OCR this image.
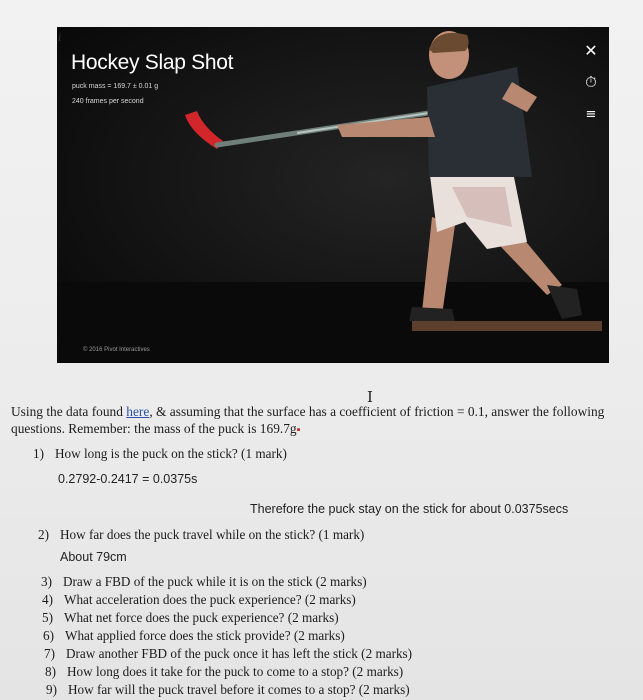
Hockey Slap Shot
puck mass = 169.7 ± 0.01 g
240 frames per second
© 2016 Pivot Interactives
✕
⏱
≡
i
I
Using the data found here, & assuming that the surface has a coefficient of friction = 0.1, answer the following
questions. Remember: the mass of the puck is 169.7g▪
1) How long is the puck on the stick? (1 mark)
0.2792-0.2417 = 0.0375s
Therefore the puck stay on the stick for about 0.0375secs
2) How far does the puck travel while on the stick? (1 mark)
About 79cm
3) Draw a FBD of the puck while it is on the stick (2 marks)
4) What acceleration does the puck experience? (2 marks)
5) What net force does the puck experience? (2 marks)
6) What applied force does the stick provide? (2 marks)
7) Draw another FBD of the puck once it has left the stick (2 marks)
8) How long does it take for the puck to come to a stop? (2 marks)
9) How far will the puck travel before it comes to a stop? (2 marks)
